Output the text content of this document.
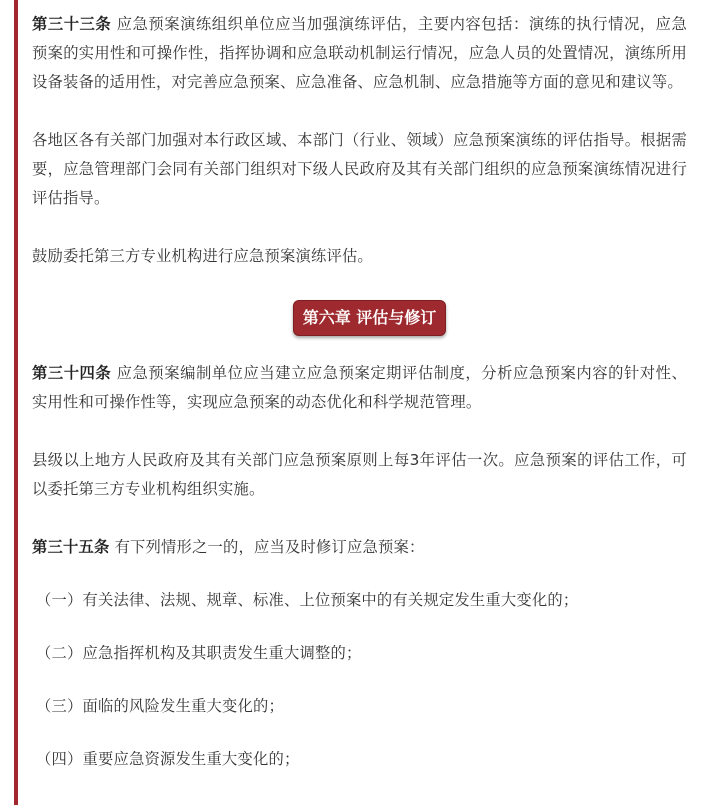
第三十三条 应急预案演练组织单位应当加强演练评估，主要内容包括：演练的执行情况，应急预案的实用性和可操作性，指挥协调和应急联动机制运行情况，应急人员的处置情况，演练所用设备装备的适用性，对完善应急预案、应急准备、应急机制、应急措施等方面的意见和建议等。

各地区各有关部门加强对本行政区域、本部门（行业、领域）应急预案演练的评估指导。根据需要，应急管理部门会同有关部门组织对下级人民政府及其有关部门组织的应急预案演练情况进行评估指导。

鼓励委托第三方专业机构进行应急预案演练评估。

第六章 评估与修订

第三十四条 应急预案编制单位应当建立应急预案定期评估制度，分析应急预案内容的针对性、实用性和可操作性等，实现应急预案的动态优化和科学规范管理。

县级以上地方人民政府及其有关部门应急预案原则上每3年评估一次。应急预案的评估工作，可以委托第三方专业机构组织实施。

第三十五条 有下列情形之一的，应当及时修订应急预案：

（一）有关法律、法规、规章、标准、上位预案中的有关规定发生重大变化的；

（二）应急指挥机构及其职责发生重大调整的；

（三）面临的风险发生重大变化的；

（四）重要应急资源发生重大变化的；
